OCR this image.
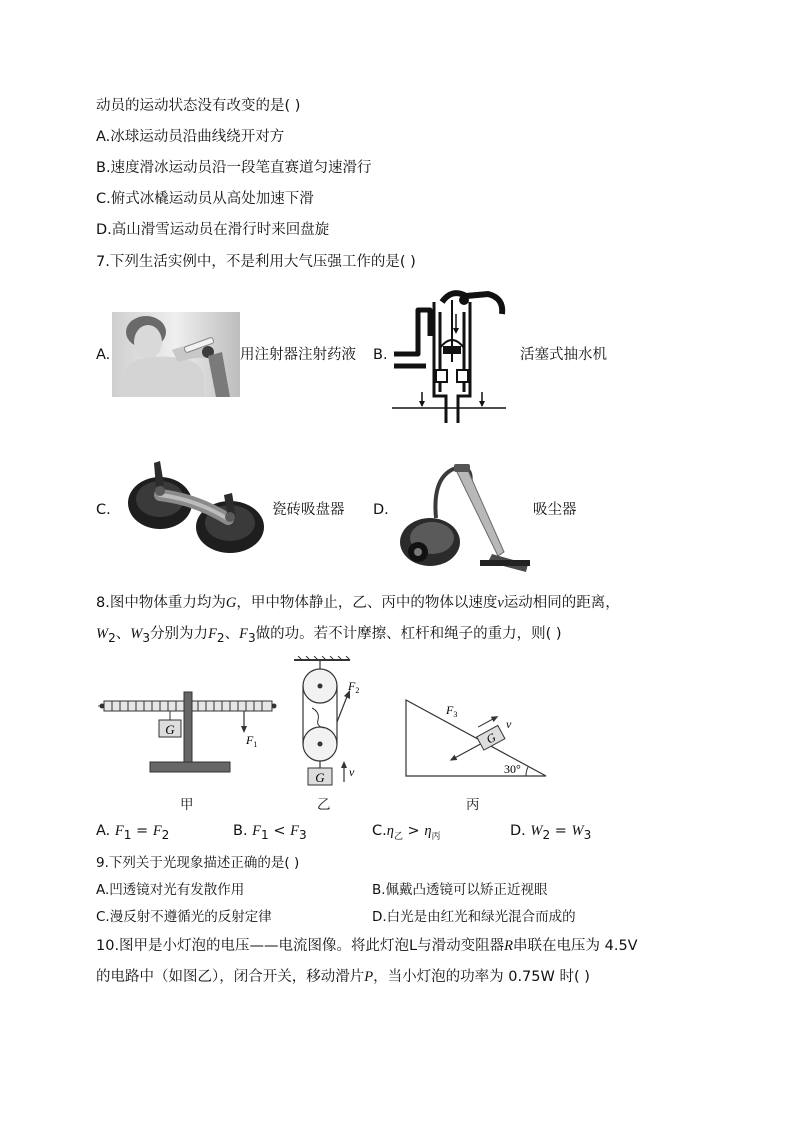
动员的运动状态没有改变的是( )
A.冰球运动员沿曲线绕开对方
B.速度滑冰运动员沿一段笔直赛道匀速滑行
C.俯式冰橇运动员从高处加速下滑
D.高山滑雪运动员在滑行时来回盘旋
7.下列生活实例中，不是利用大气压强工作的是( )
A.	用注射器注射药液 B.	活塞式抽水机
C.	瓷砖吸盘器 D.	吸尘器
8.图中物体重力均为G，甲中物体静止，乙、丙中的物体以速度v运动相同的距离，
$W_2$、$W_3$分别为力$F_2$、$F_3$做的功。若不计摩擦、杠杆和绳子的重力，则( )
G
$F_1$
甲
$F_2$
G v
乙
G
$F_3$
v
30°
丙
A. $F_1 = F_2$	B. $F_1 < F_3$	$C.\eta_乙 > \eta_丙$	D. $W_2 = W_3$
9.下列关于光现象描述正确的是( )
A.凹透镜对光有发散作用	B.佩戴凸透镜可以矫正近视眼
C.漫反射不遵循光的反射定律	D.白光是由红光和绿光混合而成的
10.图甲是小灯泡的电压——电流图像。将此灯泡L与滑动变阻器R串联在电压为 4.5V
的电路中（如图乙），闭合开关，移动滑片P，当小灯泡的功率为 0.75W 时( )
